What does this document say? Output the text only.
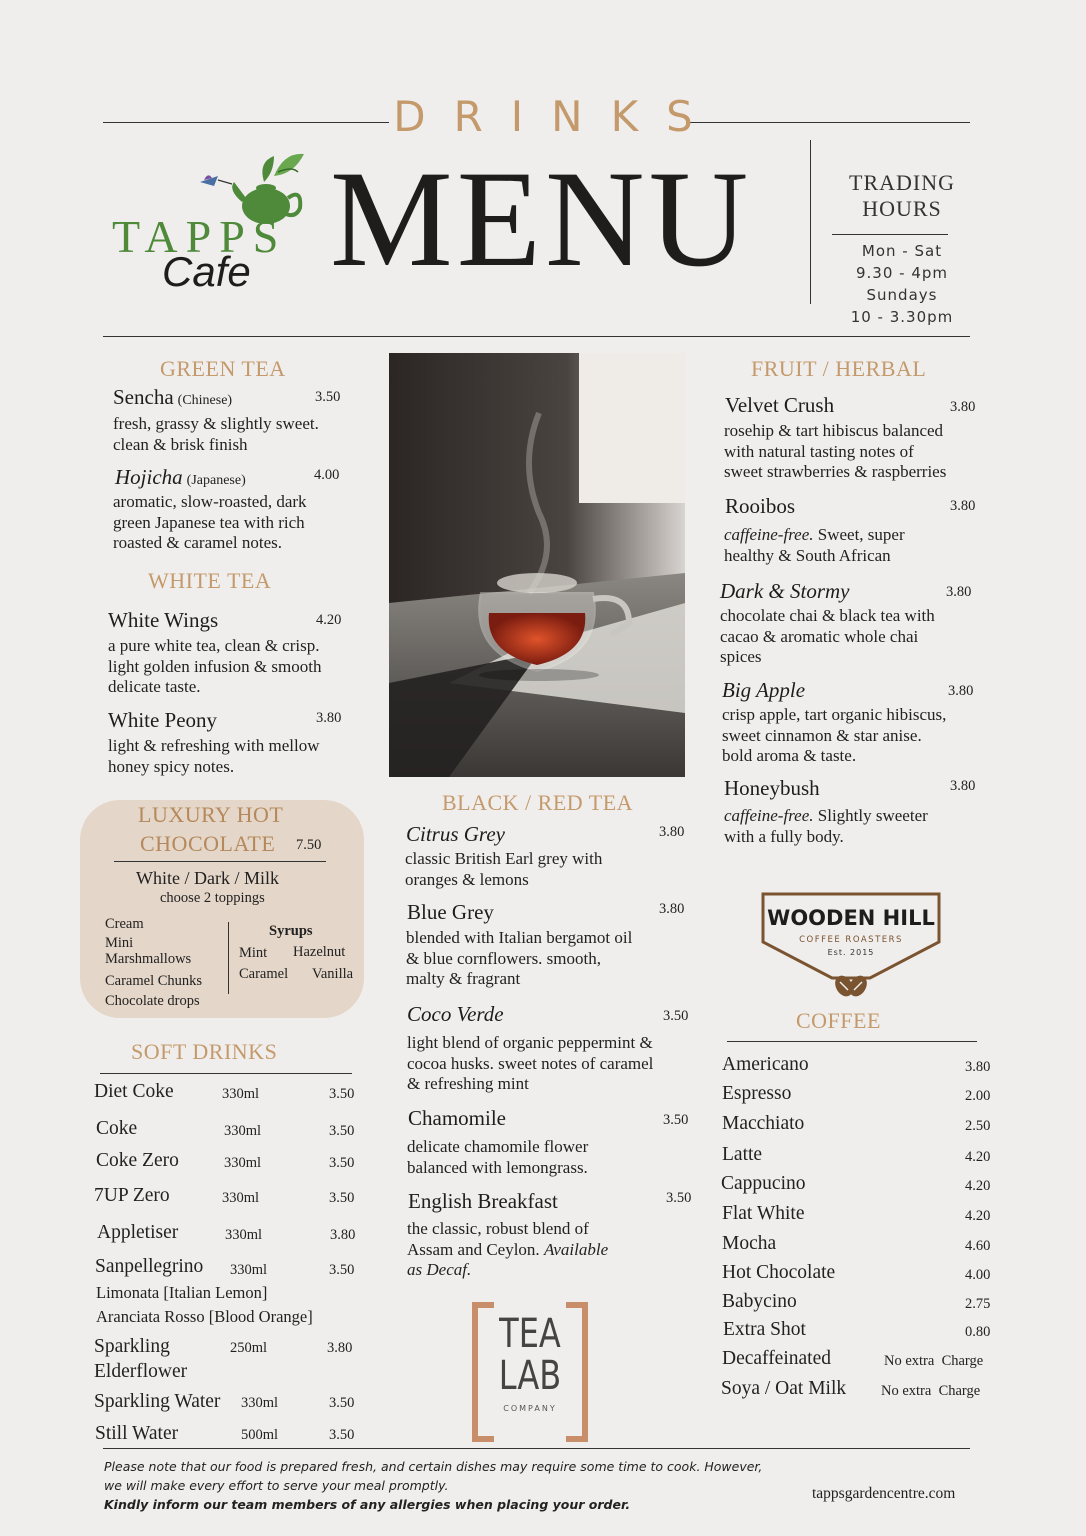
DRINKS
TAPPS
Cafe MENU	TRADING
HOURS
Mon - Sat
9.30 - 4pm
Sundays
10 - 3.30pm
GREEN TEA
Sencha (Chinese)	3.50
fresh, grassy & slightly sweet.
clean & brisk finish
Hojicha (Japanese)	4.00
aromatic, slow-roasted, dark
green Japanese tea with rich
roasted & caramel notes.
WHITE TEA
White Wings	4.20
a pure white tea, clean & crisp.
light golden infusion & smooth
delicate taste.
White Peony	3.80
light & refreshing with mellow
honey spicy notes.
LUXURY HOT
CHOCOLATE 7.50
White / Dark / Milk
choose 2 toppings
Cream
Mini
Marshmallows
Caramel Chunks
Chocolate drops
Syrups
Mint Hazelnut
Caramel Vanilla
SOFT DRINKS
Diet Coke	330ml	3.50
Coke	330ml	3.50
Coke Zero	330ml	3.50
7UP Zero	330ml	3.50
Appletiser	330ml	3.80
Sanpellegrino 330ml	3.50
Limonata [Italian Lemon]
Aranciata Rosso [Blood Orange]
Sparkling
Elderflower
250ml	3.80
Sparkling Water 330ml	3.50
Still Water	500ml	3.50
BLACK / RED TEA
Citrus Grey	3.80
classic British Earl grey with
oranges & lemons
Blue Grey	3.80
blended with Italian bergamot oil
& blue cornflowers. smooth,
malty & fragrant
Coco Verde	3.50
light blend of organic peppermint &
cocoa husks. sweet notes of caramel
& refreshing mint
Chamomile	3.50
delicate chamomile flower
balanced with lemongrass.
English Breakfast	3.50
the classic, robust blend of
Assam and Ceylon. Available
as Decaf.
TEA
LAB
COMPANY
FRUIT / HERBAL
Velvet Crush	3.80
rosehip & tart hibiscus balanced
with natural tasting notes of
sweet strawberries & raspberries
Rooibos	3.80
caffeine-free. Sweet, super
healthy & South African
Dark & Stormy	3.80
chocolate chai & black tea with
cacao & aromatic whole chai
spices
Big Apple	3.80
crisp apple, tart organic hibiscus,
sweet cinnamon & star anise.
bold aroma & taste.
Honeybush	3.80
caffeine-free. Slightly sweeter
with a fully body.
WOODEN HILL
COFFEE ROASTERS
Est. 2015
COFFEE
Americano	3.80
Espresso	2.00
Macchiato	2.50
Latte	4.20
Cappucino	4.20
Flat White	4.20
Mocha	4.60
Hot Chocolate	4.00
Babycino	2.75
Extra Shot	0.80
Decaffeinated	No extra  Charge
Soya / Oat Milk No extra  Charge
Please note that our food is prepared fresh, and certain dishes may require some time to cook. However,
we will make every effort to serve your meal promptly.
Kindly inform our team members of any allergies when placing your order.
tappsgardencentre.com
